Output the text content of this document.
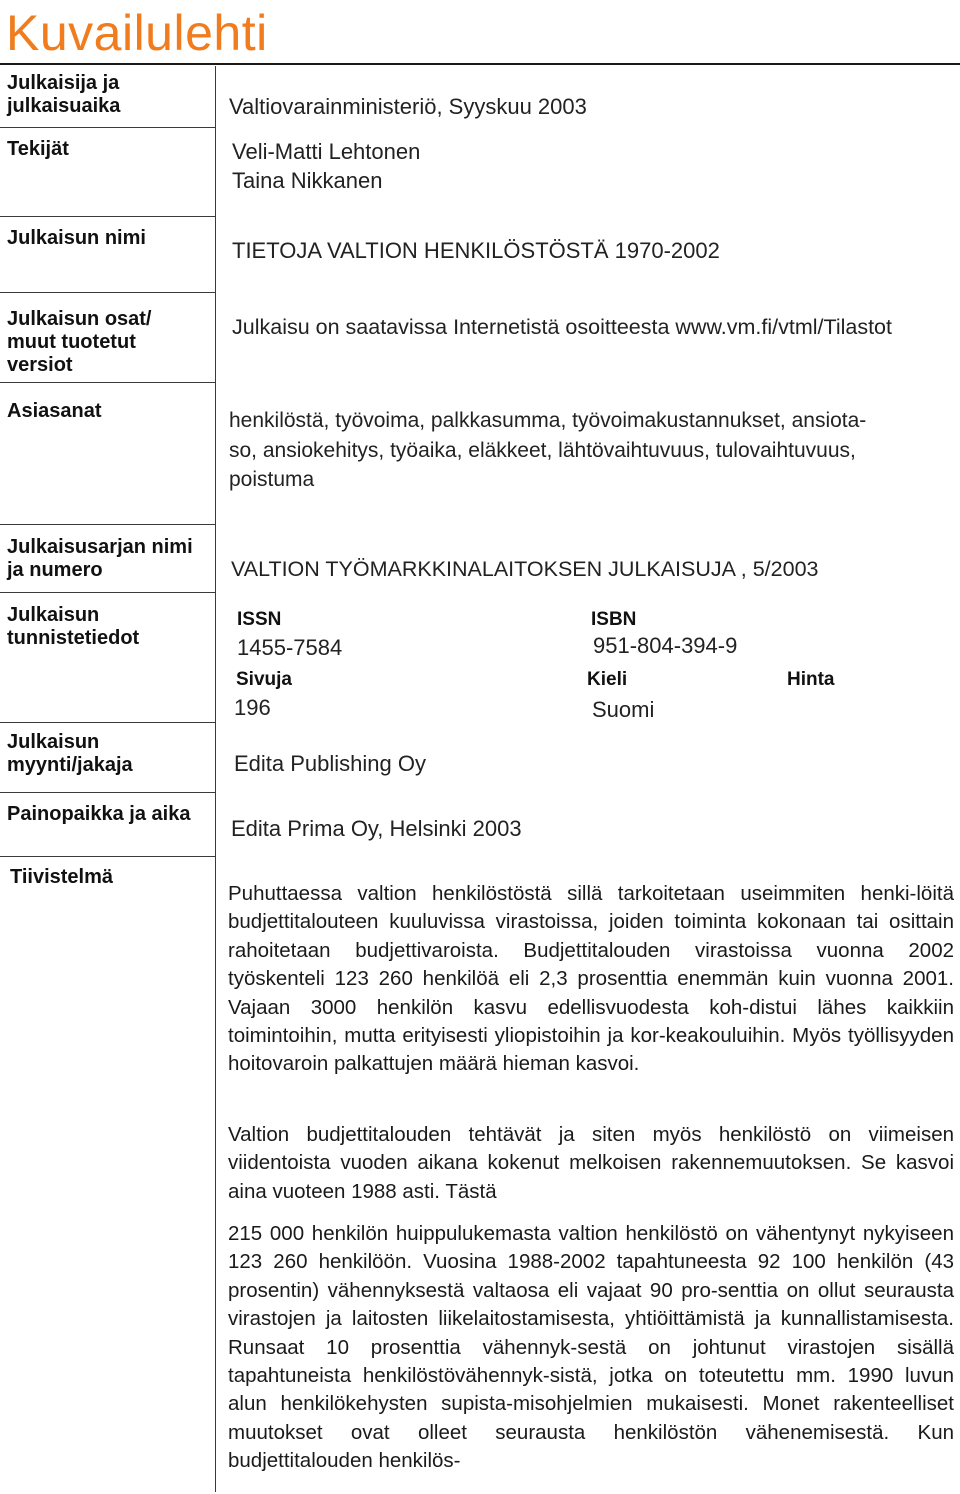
Kuvailulehti
Julkaisija ja
julkaisuaika
Tekijät
Julkaisun nimi
Julkaisun osat/
muut tuotetut
versiot
Asiasanat
Julkaisusarjan nimi
ja numero
Julkaisun
tunnistetiedot
Julkaisun
myynti/jakaja
Painopaikka ja aika
Tiivistelmä
Valtiovarainministeriö, Syyskuu 2003
Veli-Matti Lehtonen
Taina Nikkanen
TIETOJA VALTION HENKILÖSTÖSTÄ 1970-2002
Julkaisu on saatavissa Internetistä osoitteesta www.vm.fi/vtml/Tilastot
henkilöstä, työvoima, palkkasumma, työvoimakustannukset, ansiota-
so, ansiokehitys, työaika, eläkkeet, lähtövaihtuvuus, tulovaihtuvuus,
poistuma
VALTION TYÖMARKKINALAITOKSEN JULKAISUJA , 5/2003
ISSN
1455-7584
ISBN
951-804-394-9
Sivuja
196
Kieli
Suomi
Hinta
Edita Publishing Oy
Edita Prima Oy, Helsinki 2003

Puhuttaessa valtion henkilöstöstä sillä tarkoitetaan useimmiten henki-löitä budjettitalouteen kuuluvissa virastoissa, joiden toiminta kokonaan tai osittain rahoitetaan budjettivaroista. Budjettitalouden virastoissa vuonna 2002 työskenteli 123 260 henkilöä eli 2,3 prosenttia enemmän kuin vuonna 2001. Vajaan 3000 henkilön kasvu edellisvuodesta koh-distui lähes kaikkiin toimintoihin, mutta erityisesti yliopistoihin ja kor-keakouluihin. Myös työllisyyden hoitovaroin palkattujen määrä hieman kasvoi.

Valtion budjettitalouden tehtävät ja siten myös henkilöstö on viimeisen viidentoista vuoden aikana kokenut melkoisen rakennemuutoksen. Se kasvoi aina vuoteen 1988 asti. Tästä

215 000 henkilön huippulukemasta valtion henkilöstö on vähentynyt nykyiseen 123 260 henkilöön. Vuosina 1988-2002 tapahtuneesta 92 100 henkilön (43 prosentin) vähennyksestä valtaosa eli vajaat 90 pro-senttia on ollut seurausta virastojen ja laitosten liikelaitostamisesta, yhtiöittämistä ja kunnallistamisesta. Runsaat 10 prosenttia vähennyk-sestä on johtunut virastojen sisällä tapahtuneista henkilöstövähennyk-sistä, jotka on toteutettu mm. 1990 luvun alun henkilökehysten supista-misohjelmien mukaisesti. Monet rakenteelliset muutokset ovat olleet seurausta henkilöstön vähenemisestä. Kun budjettitalouden henkilös-
